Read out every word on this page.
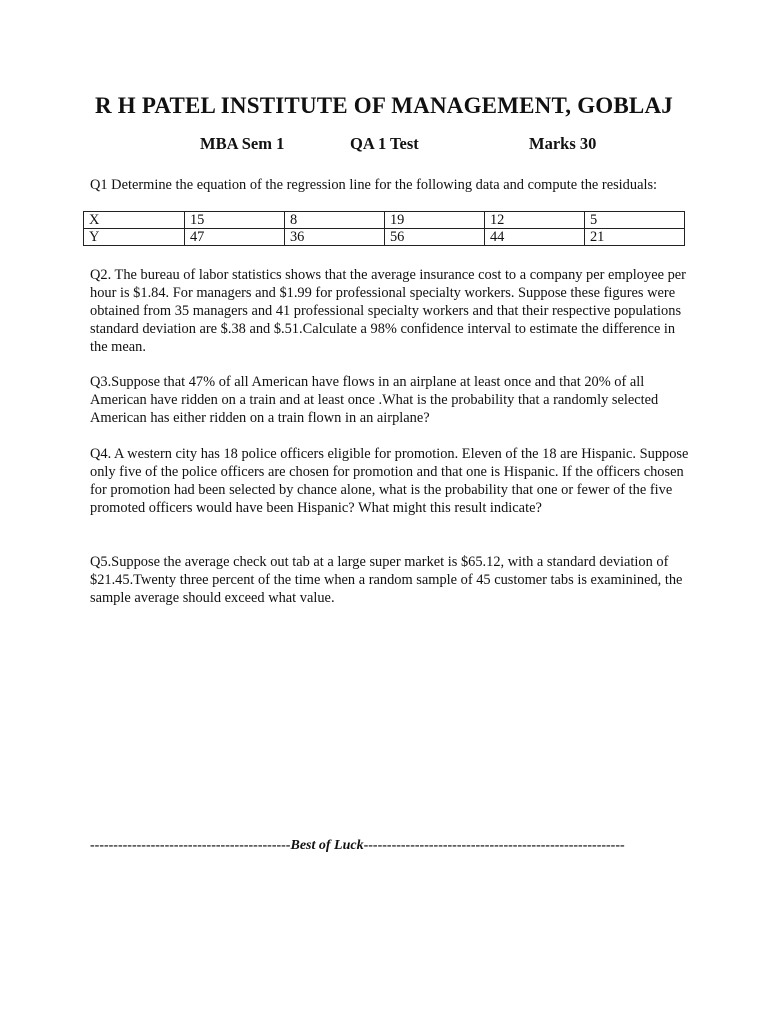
R H PATEL INSTITUTE OF MANAGEMENT, GOBLAJ
MBA Sem 1	QA 1 Test	Marks 30
Q1 Determine the equation of the regression line for the following data and compute the residuals:
X	15	8	19	12	5
Y	47	36	56	44	21
Q2. The bureau of labor statistics shows that the average insurance cost to a company per employee per hour is $1.84. For managers and $1.99 for professional specialty workers. Suppose these figures were obtained from 35 managers and 41 professional specialty workers and that their respective populations standard deviation are $.38 and $.51.Calculate a 98% confidence interval to estimate the difference in the mean.
Q3.Suppose that 47% of all American have flows in an airplane at least once and that 20% of all American have ridden on a train and at least once .What is the probability that a randomly selected American has either ridden on a train flown in an airplane?
Q4. A western city has 18 police officers eligible for promotion. Eleven of the 18 are Hispanic. Suppose only five of the police officers are chosen for promotion and that one is Hispanic. If the officers chosen for promotion had been selected by chance alone, what is the probability that one or fewer of the five promoted officers would have been Hispanic? What might this result indicate?
Q5.Suppose the average check out tab at a large super market is $65.12, with a standard deviation of $21.45.Twenty three percent of the time when a random sample of 45 customer tabs is examinined, the sample average should exceed what value.
-------------------------------------------Best of Luck--------------------------------------------------------
